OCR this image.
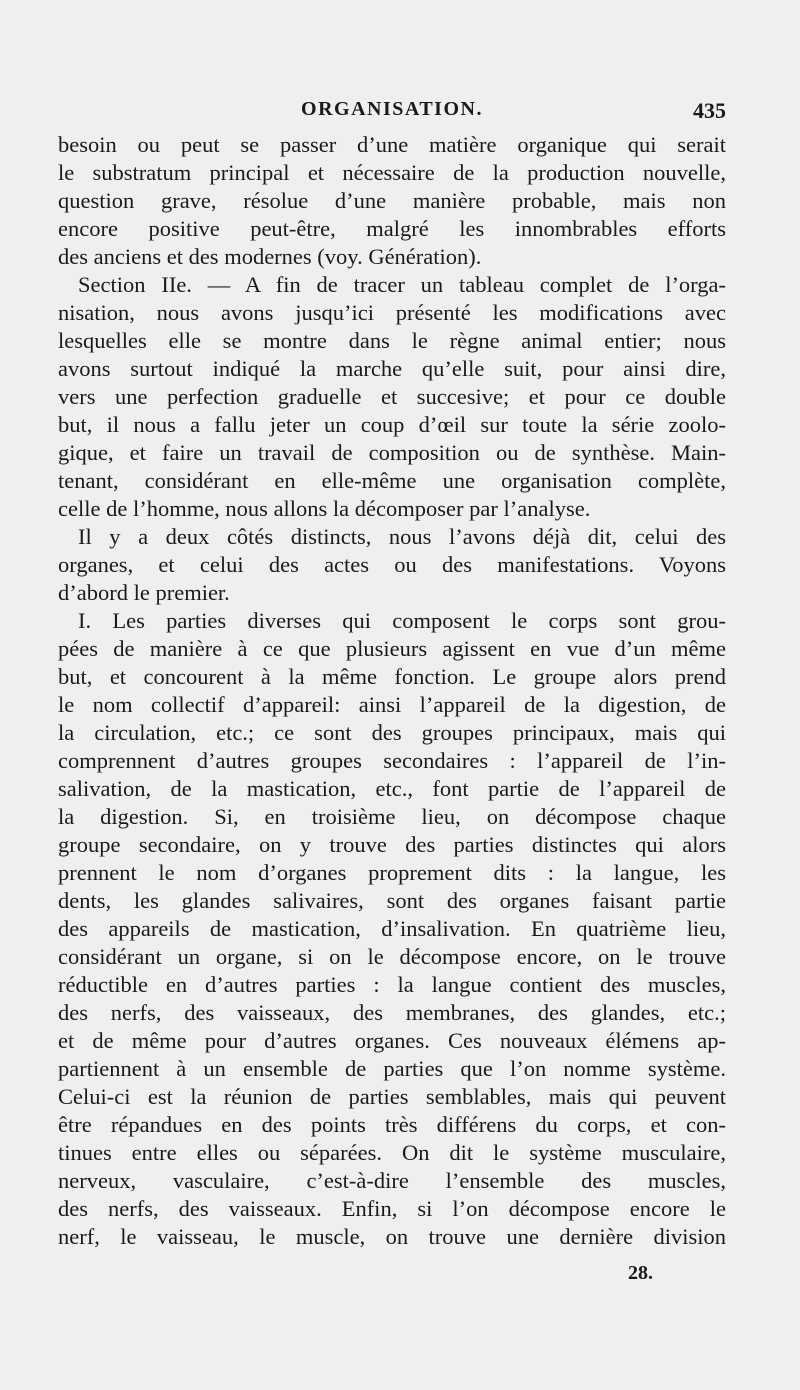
ORGANISATION.	435
besoin ou peut se passer d’une matière organique qui serait
le substratum principal et nécessaire de la production nouvelle,
question grave, résolue d’une manière probable, mais non
encore positive peut-être, malgré les innombrables efforts
des anciens et des modernes (voy. Génération).
Section IIe. — A fin de tracer un tableau complet de l’orga-
nisation, nous avons jusqu’ici présenté les modifications avec
lesquelles elle se montre dans le règne animal entier; nous
avons surtout indiqué la marche qu’elle suit, pour ainsi dire,
vers une perfection graduelle et succesive; et pour ce double
but, il nous a fallu jeter un coup d’œil sur toute la série zoolo-
gique, et faire un travail de composition ou de synthèse. Main-
tenant, considérant en elle-même une organisation complète,
celle de l’homme, nous allons la décomposer par l’analyse.
Il y a deux côtés distincts, nous l’avons déjà dit, celui des
organes, et celui des actes ou des manifestations. Voyons
d’abord le premier.
I. Les parties diverses qui composent le corps sont grou-
pées de manière à ce que plusieurs agissent en vue d’un même
but, et concourent à la même fonction. Le groupe alors prend
le nom collectif d’appareil: ainsi l’appareil de la digestion, de
la circulation, etc.; ce sont des groupes principaux, mais qui
comprennent d’autres groupes secondaires : l’appareil de l’in-
salivation, de la mastication, etc., font partie de l’appareil de
la digestion. Si, en troisième lieu, on décompose chaque
groupe secondaire, on y trouve des parties distinctes qui alors
prennent le nom d’organes proprement dits : la langue, les
dents, les glandes salivaires, sont des organes faisant partie
des appareils de mastication, d’insalivation. En quatrième lieu,
considérant un organe, si on le décompose encore, on le trouve
réductible en d’autres parties : la langue contient des muscles,
des nerfs, des vaisseaux, des membranes, des glandes, etc.;
et de même pour d’autres organes. Ces nouveaux élémens ap-
partiennent à un ensemble de parties que l’on nomme système.
Celui-ci est la réunion de parties semblables, mais qui peuvent
être répandues en des points très différens du corps, et con-
tinues entre elles ou séparées. On dit le système musculaire,
nerveux, vasculaire, c’est-à-dire l’ensemble des muscles,
des nerfs, des vaisseaux. Enfin, si l’on décompose encore le
nerf, le vaisseau, le muscle, on trouve une dernière division
28.
